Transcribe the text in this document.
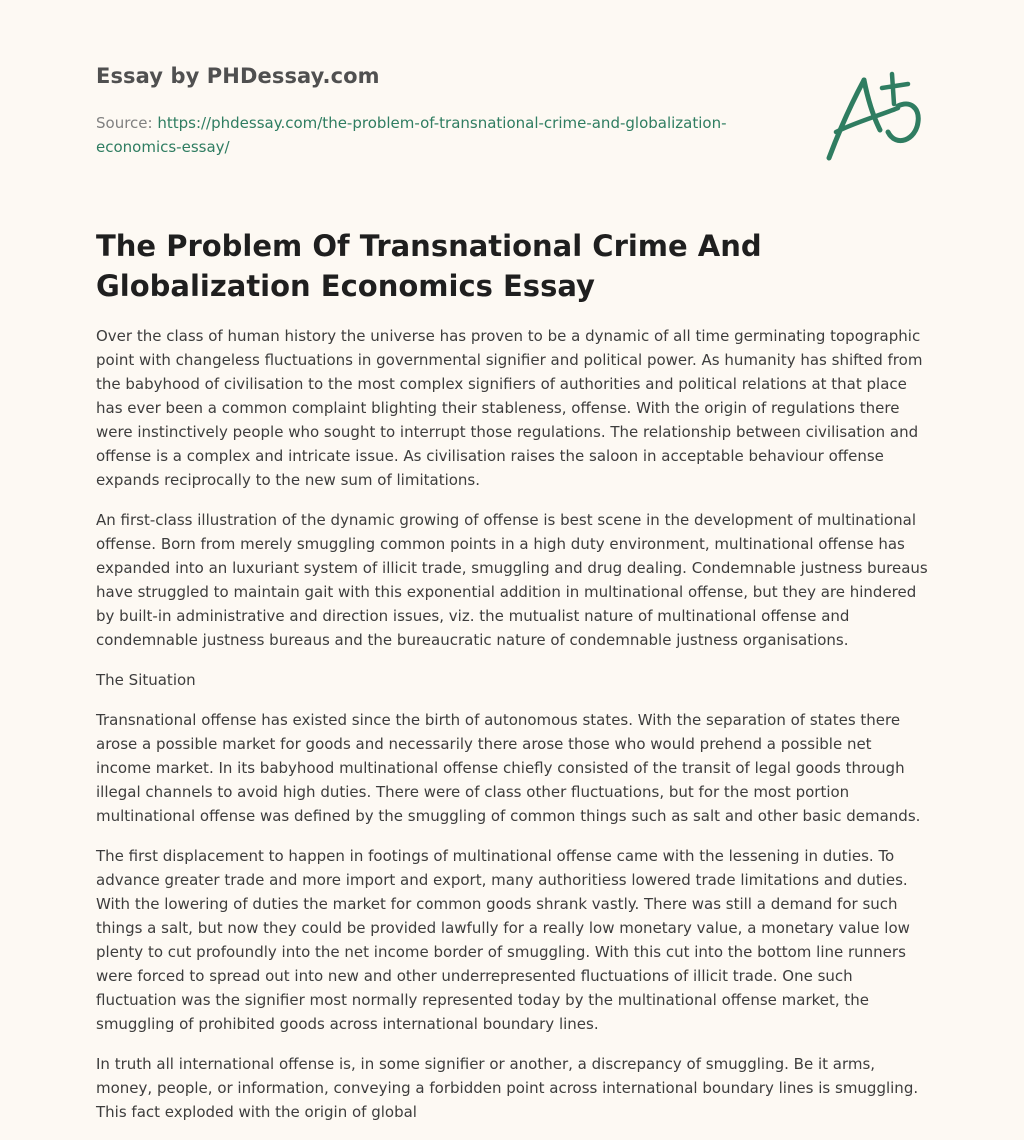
Essay by PHDessay.com
Source: https://phdessay.com/the-problem-of-transnational-crime-and-globalization-economics-essay/
The Problem Of Transnational Crime And Globalization Economics Essay

Over the class of human history the universe has proven to be a dynamic of all time germinating topographic point with changeless fluctuations in governmental signifier and political power. As humanity has shifted from the babyhood of civilisation to the most complex signifiers of authorities and political relations at that place has ever been a common complaint blighting their stableness, offense. With the origin of regulations there were instinctively people who sought to interrupt those regulations. The relationship between civilisation and offense is a complex and intricate issue. As civilisation raises the saloon in acceptable behaviour offense expands reciprocally to the new sum of limitations.

An first-class illustration of the dynamic growing of offense is best scene in the development of multinational offense. Born from merely smuggling common points in a high duty environment, multinational offense has expanded into an luxuriant system of illicit trade, smuggling and drug dealing. Condemnable justness bureaus have struggled to maintain gait with this exponential addition in multinational offense, but they are hindered by built-in administrative and direction issues, viz. the mutualist nature of multinational offense and condemnable justness bureaus and the bureaucratic nature of condemnable justness organisations.

The Situation

Transnational offense has existed since the birth of autonomous states. With the separation of states there arose a possible market for goods and necessarily there arose those who would prehend a possible net income market. In its babyhood multinational offense chiefly consisted of the transit of legal goods through illegal channels to avoid high duties. There were of class other fluctuations, but for the most portion multinational offense was defined by the smuggling of common things such as salt and other basic demands.

The first displacement to happen in footings of multinational offense came with the lessening in duties. To advance greater trade and more import and export, many authoritiess lowered trade limitations and duties. With the lowering of duties the market for common goods shrank vastly. There was still a demand for such things a salt, but now they could be provided lawfully for a really low monetary value, a monetary value low plenty to cut profoundly into the net income border of smuggling. With this cut into the bottom line runners were forced to spread out into new and other underrepresented fluctuations of illicit trade. One such fluctuation was the signifier most normally represented today by the multinational offense market, the smuggling of prohibited goods across international boundary lines.

In truth all international offense is, in some signifier or another, a discrepancy of smuggling. Be it arms, money, people, or information, conveying a forbidden point across international boundary lines is smuggling. This fact exploded with the origin of global
